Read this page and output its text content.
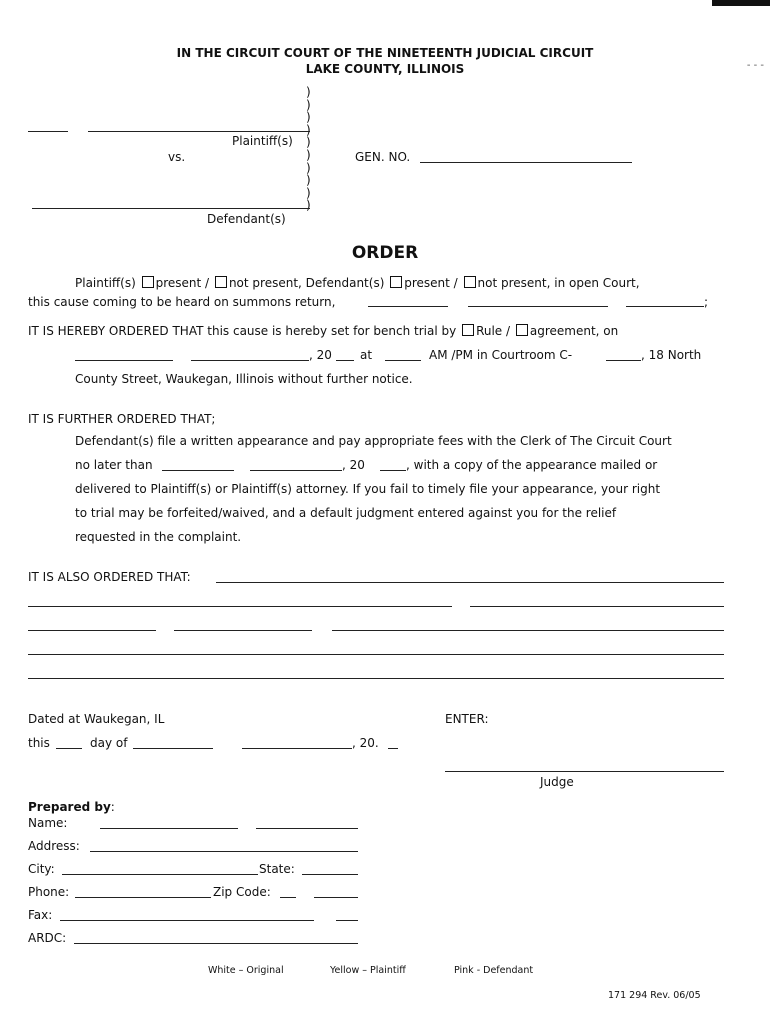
- - -
IN THE CIRCUIT COURT OF THE NINETEENTH JUDICIAL CIRCUIT
LAKE COUNTY, ILLINOIS
)
)
)
)
)
)
)
)
)
)
Plaintiff(s)
vs.	GEN. NO.
Defendant(s)
ORDER
Plaintiff(s) present / not present, Defendant(s) present / not present, in open Court,
this cause coming to be heard on summons return,	;
IT IS HEREBY ORDERED THAT this cause is hereby set for bench trial by Rule / agreement, on
, 20 at	AM /PM in Courtroom C-	, 18 North
County Street, Waukegan, Illinois without further notice.
IT IS FURTHER ORDERED THAT;
Defendant(s) file a written appearance and pay appropriate fees with the Clerk of The Circuit Court
no later than	, 20	, with a copy of the appearance mailed or
delivered to Plaintiff(s) or Plaintiff(s) attorney. If you fail to timely file your appearance, your right
to trial may be forfeited/waived, and a default judgment entered against you for the relief
requested in the complaint.
IT IS ALSO ORDERED THAT:
Dated at Waukegan, IL	ENTER:
this	day of	, 20.
Judge
Prepared by:
Name:
Address:
City:	State:
Phone:	Zip Code:
Fax:
ARDC:
White – Original	Yellow – Plaintiff	Pink - Defendant
171 294 Rev. 06/05
